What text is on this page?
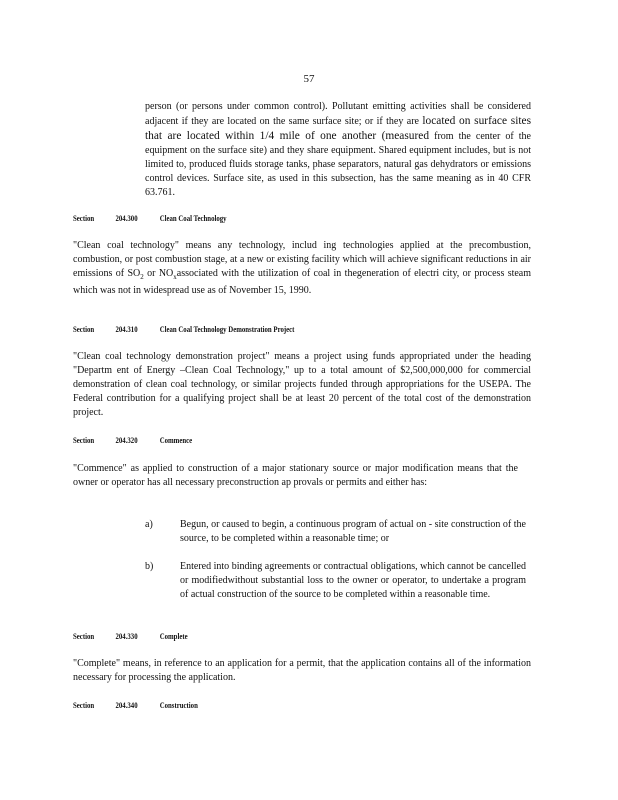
57

person (or persons under common control). Pollutant emitting activities shall be considered adjacent if they are located on the same surface site; or if they are located on surface sites that are located within 1/4 mile of one another (measured from the center of the equipment on the surface site) and they share equipment. Shared equipment includes, but is not limited to, produced fluids storage tanks, phase separators, natural gas dehydrators or emissions control devices. Surface site, as used in this subsection, has the same meaning as in 40 CFR 63.761.

Section	204.300	Clean Coal Technology

"Clean coal technology" means any technology, includ ing technologies applied at the precombustion, combustion, or post combustion stage, at a new or existing facility which will achieve significant reductions in air emissions of $SO_2$ or $NO_xassociated$ with the utilization of coal in thegeneration of electri city, or process steam which was not in widespread use as of November 15, 1990.

Section	204.310	Clean Coal Technology Demonstration Project

"Clean coal technology demonstration project" means a project using funds appropriated under the heading "Departm ent of Energy –Clean Coal Technology," up to a total amount of $2,500,000,000 for commercial demonstration of clean coal technology, or similar projects funded through appropriations for the USEPA. The Federal contribution for a qualifying project shall be at least 20 percent of the total cost of the demonstration project.

Section	204.320	Commence

"Commence" as applied to construction of a major stationary source or major modification means that the owner or operator has all necessary preconstruction ap provals or permits and either has:

a)	Begun, or caused to begin, a continuous program of actual on - site construction of the source, to be completed within a reasonable time; or
b)	Entered into binding agreements or contractual obligations, which cannot be cancelled or modifiedwithout substantial loss to the owner or operator, to undertake a program of actual construction of the source to be completed within a reasonable time.
Section	204.330	Complete

"Complete" means, in reference to an application for a permit, that the application contains all of the information necessary for processing the application.

Section	204.340	Construction
